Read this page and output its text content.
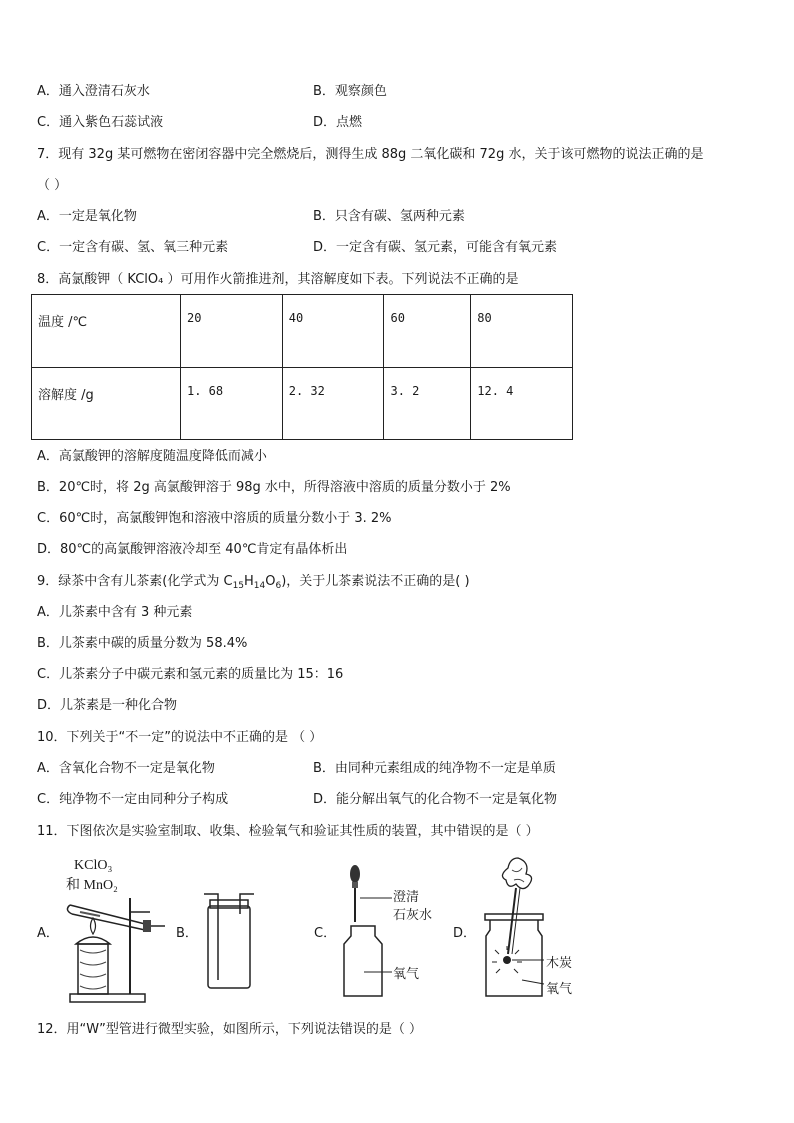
A．通入澄清石灰水	B．观察颜色
C．通入紫色石蕊试液	D．点燃
7．现有 32g 某可燃物在密闭容器中完全燃烧后，测得生成 88g 二氧化碳和 72g 水，关于该可燃物的说法正确的是
（ ）
A．一定是氧化物	B．只含有碳、氢两种元素
C．一定含有碳、氢、氧三种元素	D．一定含有碳、氢元素，可能含有氧元素
8．高氯酸钾（ KClO₄ ）可用作火箭推进剂，其溶解度如下表。下列说法不正确的是
温度 /℃	20	40	60	80
溶解度 /g	1. 68	2. 32	3. 2	12. 4
A．高氯酸钾的溶解度随温度降低而减小
B．20℃时，将 2g 高氯酸钾溶于 98g 水中，所得溶液中溶质的质量分数小于 2%
C．60℃时，高氯酸钾饱和溶液中溶质的质量分数小于 3. 2%
D．80℃的高氯酸钾溶液冷却至 40℃肯定有晶体析出
9．绿茶中含有儿茶素(化学式为 $C_{15}H_{14}O_6$)，关于儿茶素说法不正确的是( )
A．儿茶素中含有 3 种元素
B．儿茶素中碳的质量分数为 58.4%
C．儿茶素分子中碳元素和氢元素的质量比为 15：16
D．儿茶素是一种化合物
10．下列关于“不一定”的说法中不正确的是 （ ）
A．含氧化合物不一定是氧化物	B．由同种元素组成的纯净物不一定是单质
C．纯净物不一定由同种分子构成	D．能分解出氧气的化合物不一定是氧化物
11．下图依次是实验室制取、收集、检验氧气和验证其性质的装置，其中错误的是（ ）
A．
KClO₃
和 MnO₂
B．	C．
澄清
石灰水
氧气
D．
木炭
氧气
12．用“W”型管进行微型实验，如图所示，下列说法错误的是（ ）
